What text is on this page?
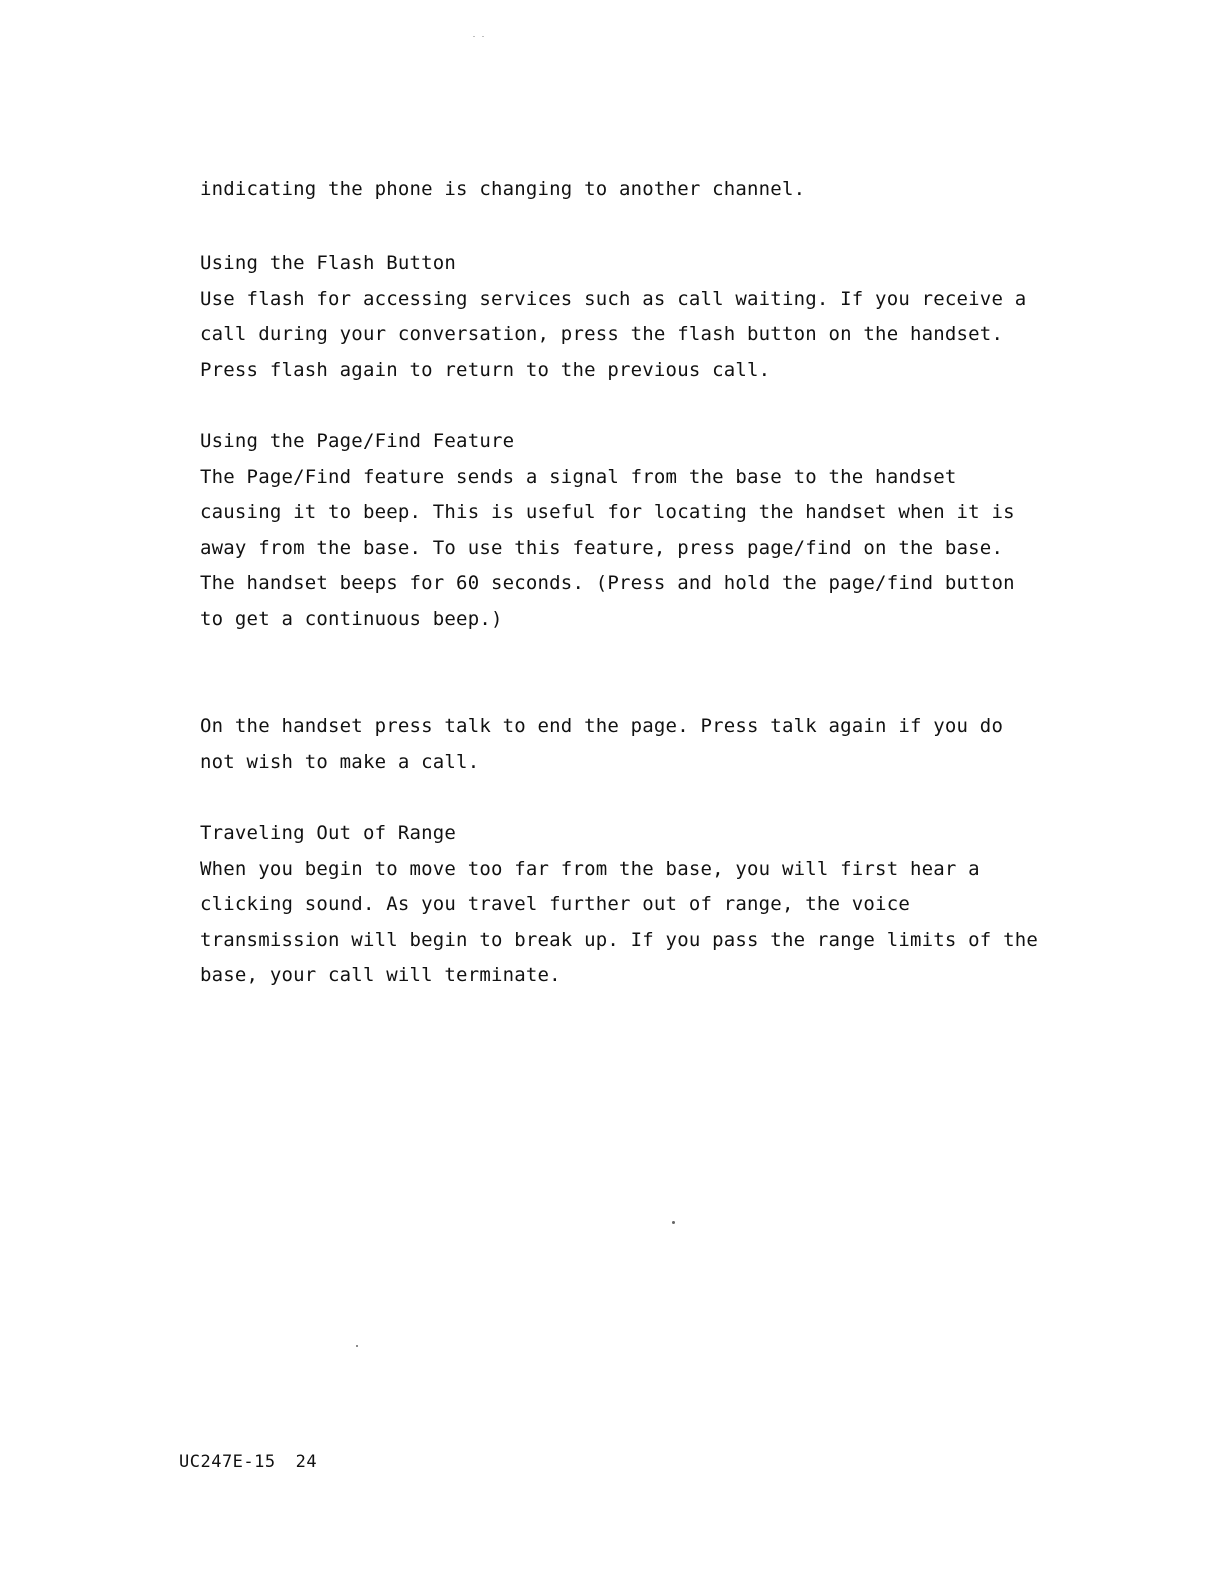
indicating the phone is changing to another channel.
Using the Flash Button
Use flash for accessing services such as call waiting. If you receive a
call during your conversation, press the flash button on the handset.
Press flash again to return to the previous call.
Using the Page/Find Feature
The Page/Find feature sends a signal from the base to the handset
causing it to beep. This is useful for locating the handset when it is
away from the base. To use this feature, press page/find on the base.
The handset beeps for 60 seconds. (Press and hold the page/find button
to get a continuous beep.)
On the handset press talk to end the page. Press talk again if you do
not wish to make a call.
Traveling Out of Range
When you begin to move too far from the base, you will first hear a
clicking sound. As you travel further out of range, the voice
transmission will begin to break up. If you pass the range limits of the
base, your call will terminate.
UC247E-15 24
